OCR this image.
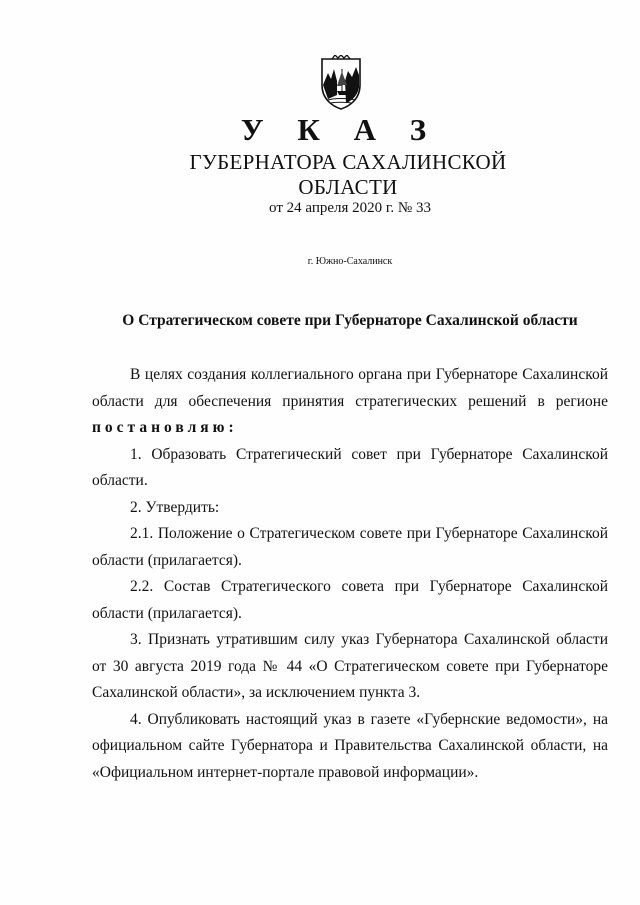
У К А З
ГУБЕРНАТОРА САХАЛИНСКОЙ ОБЛАСТИ
от 24 апреля 2020 г. № 33
г. Южно-Сахалинск
О Стратегическом совете при Губернаторе Сахалинской области

В целях создания коллегиального органа при Губернаторе Сахалинской области для обеспечения принятия стратегических решений в регионе

постановляю:

1. Образовать Стратегический совет при Губернаторе Сахалинской области.

2. Утвердить:

2.1. Положение о Стратегическом совете при Губернаторе Сахалинской области (прилагается).

2.2. Состав Стратегического совета при Губернаторе Сахалинской области (прилагается).

3. Признать утратившим силу указ Губернатора Сахалинской области от 30 августа 2019 года № 44 «О Стратегическом совете при Губернаторе Сахалинской области», за исключением пункта 3.

4. Опубликовать настоящий указ в газете «Губернские ведомости», на официальном сайте Губернатора и Правительства Сахалинской области, на «Официальном интернет-портале правовой информации».
